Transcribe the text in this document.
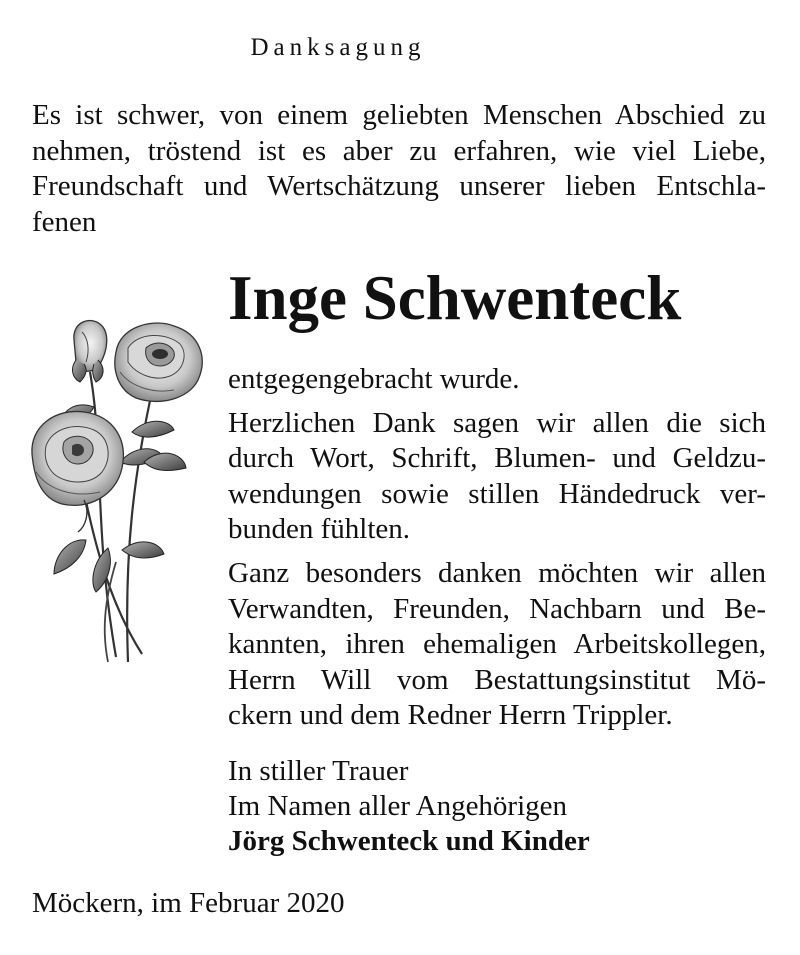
Danksagung
Es ist schwer, von einem geliebten Menschen Abschied zu
nehmen, tröstend ist es aber zu erfahren, wie viel Liebe,
Freundschaft und Wertschätzung unserer lieben Entschla-
fenen
Inge Schwenteck
entgegengebracht wurde.
Herzlichen Dank sagen wir allen die sich
durch Wort, Schrift, Blumen- und Geldzu-
wendungen sowie stillen Händedruck ver-
bunden fühlten.
Ganz besonders danken möchten wir allen
Verwandten, Freunden, Nachbarn und Be-
kannten, ihren ehemaligen Arbeitskollegen,
Herrn Will vom Bestattungsinstitut Mö-
ckern und dem Redner Herrn Trippler.
In stiller Trauer
Im Namen aller Angehörigen
Jörg Schwenteck und Kinder
Möckern, im Februar 2020
